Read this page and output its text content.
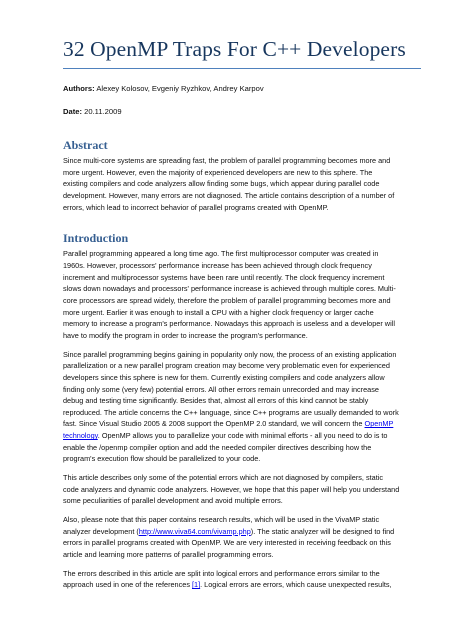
32 OpenMP Traps For C++ Developers
Authors: Alexey Kolosov, Evgeniy Ryzhkov, Andrey Karpov
Date: 20.11.2009
Abstract
Since multi-core systems are spreading fast, the problem of parallel programming becomes more and
more urgent. However, even the majority of experienced developers are new to this sphere. The
existing compilers and code analyzers allow finding some bugs, which appear during parallel code
development. However, many errors are not diagnosed. The article contains description of a number of
errors, which lead to incorrect behavior of parallel programs created with OpenMP.
Introduction
Parallel programming appeared a long time ago. The first multiprocessor computer was created in
1960s. However, processors' performance increase has been achieved through clock frequency
increment and multiprocessor systems have been rare until recently. The clock frequency increment
slows down nowadays and processors' performance increase is achieved through multiple cores. Multi-
core processors are spread widely, therefore the problem of parallel programming becomes more and
more urgent. Earlier it was enough to install a CPU with a higher clock frequency or larger cache
memory to increase a program's performance. Nowadays this approach is useless and a developer will
have to modify the program in order to increase the program's performance.
Since parallel programming begins gaining in popularity only now, the process of an existing application
parallelization or a new parallel program creation may become very problematic even for experienced
developers since this sphere is new for them. Currently existing compilers and code analyzers allow
finding only some (very few) potential errors. All other errors remain unrecorded and may increase
debug and testing time significantly. Besides that, almost all errors of this kind cannot be stably
reproduced. The article concerns the C++ language, since C++ programs are usually demanded to work
fast. Since Visual Studio 2005 & 2008 support the OpenMP 2.0 standard, we will concern the OpenMP
technology. OpenMP allows you to parallelize your code with minimal efforts - all you need to do is to
enable the /openmp compiler option and add the needed compiler directives describing how the
program's execution flow should be parallelized to your code.
This article describes only some of the potential errors which are not diagnosed by compilers, static
code analyzers and dynamic code analyzers. However, we hope that this paper will help you understand
some peculiarities of parallel development and avoid multiple errors.
Also, please note that this paper contains research results, which will be used in the VivaMP static
analyzer development (http://www.viva64.com/vivamp.php). The static analyzer will be designed to find
errors in parallel programs created with OpenMP. We are very interested in receiving feedback on this
article and learning more patterns of parallel programming errors.
The errors described in this article are split into logical errors and performance errors similar to the
approach used in one of the references [1]. Logical errors are errors, which cause unexpected results,
